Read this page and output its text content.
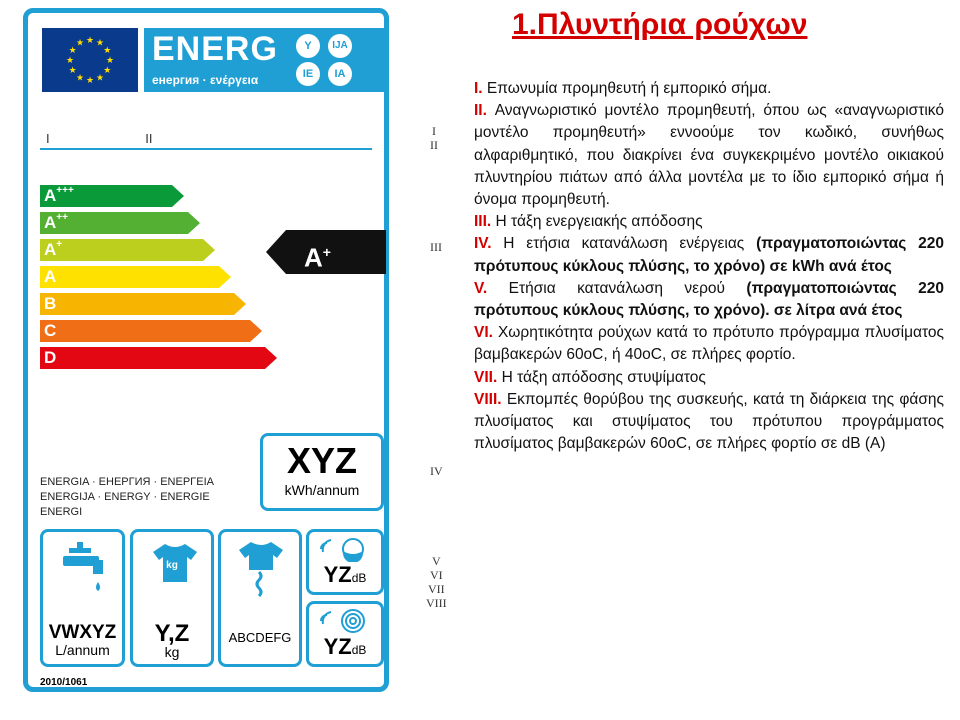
★ ★
★
★
★
★
★
★
★
★
★
★ ENERG
енергия · ενέργεια
Y	IJA
IE	IA
I	II
A+++
A++
A+
A
B
C
D
A+
XYZ
kWh/annum
ENERGIA · ЕНЕРГИЯ · ΕΝΕΡΓΕΙΑ
ENERGIJA · ENERGY · ENERGIE
ENERGI
VWXYZ
L/annum
kg
Y,Z
kg
ABCDEFG
YZdB
YZdB
2010/1061
I
II
III
IV
V
VI
VII
VIII
1.Πλυντήρια ρούχων

I. Επωνυμία προμηθευτή ή εμπορικό σήμα.

II. Αναγνωριστικό μοντέλο προμηθευτή, όπου ως «αναγνωριστικό μοντέλο προμηθευτή» εννοούμε τον κωδικό, συνήθως αλφαριθμητικό, που διακρίνει ένα συγκεκριμένο μοντέλο οικιακού πλυντηρίου πιάτων από άλλα μοντέλα με το ίδιο εμπορικό σήμα ή όνομα προμηθευτή.

III. Η τάξη ενεργειακής απόδοσης

IV. Η ετήσια κατανάλωση ενέργειας (πραγματοποιώντας 220 πρότυπους κύκλους πλύσης, το χρόνο) σε kWh ανά έτος

V. Ετήσια κατανάλωση νερού (πραγματοποιώντας 220 πρότυπους κύκλους πλύσης, το χρόνο). σε λίτρα ανά έτος

VI. Χωρητικότητα ρούχων κατά το πρότυπο πρόγραμμα πλυσίματος βαμβακερών 60οC, ή 40οC, σε πλήρες φορτίο.

VII. Η τάξη απόδοσης στυψίματος

VIII. Εκπομπές θορύβου της συσκευής, κατά τη διάρκεια της φάσης πλυσίματος και στυψίματος του πρότυπου προγράμματος πλυσίματος βαμβακερών 60οC, σε πλήρες φορτίο σε dB (A)
